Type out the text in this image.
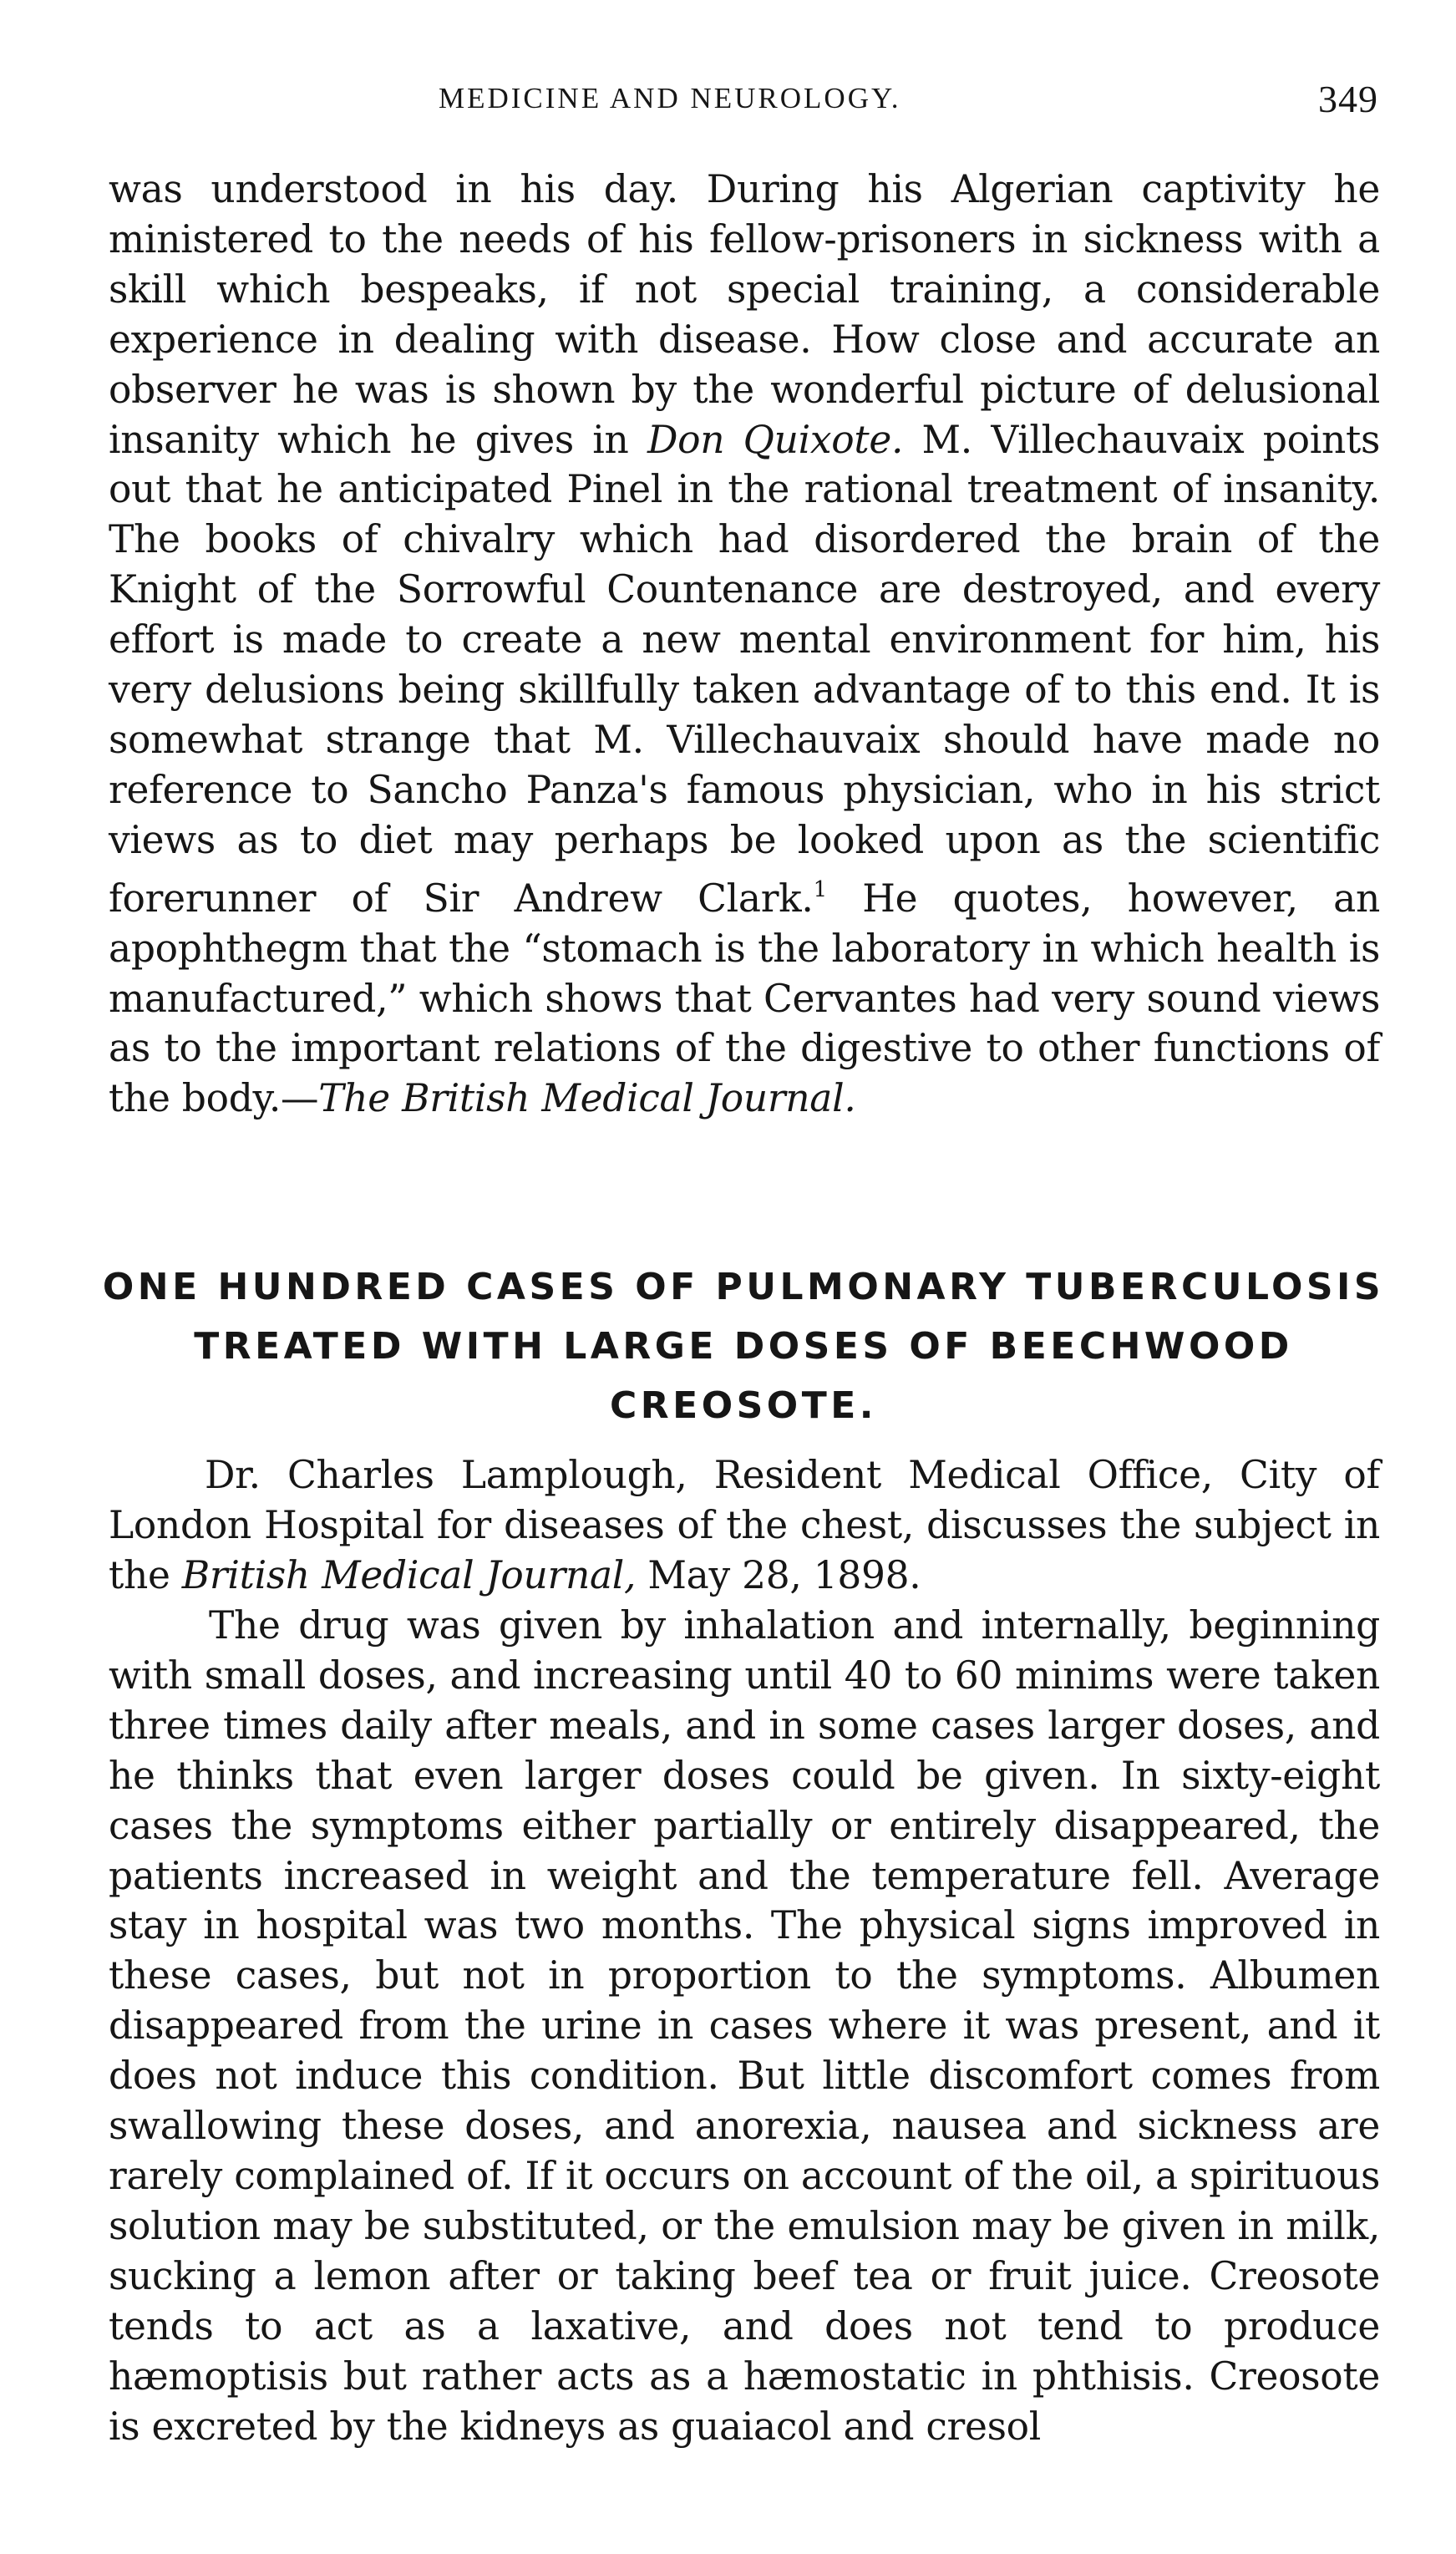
MEDICINE AND NEUROLOGY.	349

was understood in his day. During his Algerian captivity he ministered to the needs of his fellow-prisoners in sickness with a skill which bespeaks, if not special training, a considerable experience in dealing with disease. How close and accurate an observer he was is shown by the wonderful picture of delusional insanity which he gives in Don Quixote. M. Villechauvaix points out that he anticipated Pinel in the rational treatment of insanity. The books of chivalry which had disordered the brain of the Knight of the Sorrowful Countenance are destroyed, and every effort is made to create a new mental environment for him, his very delusions being skillfully taken advantage of to this end. It is somewhat strange that M. Villechauvaix should have made no reference to Sancho Panza's famous physician, who in his strict views as to diet may perhaps be looked upon as the scientific forerunner of Sir Andrew Clark.$^1$ He quotes, however, an apophthegm that the “stomach is the laboratory in which health is manufactured,” which shows that Cervantes had very sound views as to the important relations of the digestive to other functions of the body.—The British Medical Journal.

ONE HUNDRED CASES OF PULMONARY TUBERCULOSIS TREATED WITH LARGE DOSES OF BEECHWOOD CREOSOTE.

Dr. Charles Lamplough, Resident Medical Office, City of London Hospital for diseases of the chest, discusses the subject in the British Medical Journal, May 28, 1898.

The drug was given by inhalation and internally, beginning with small doses, and increasing until 40 to 60 minims were taken three times daily after meals, and in some cases larger doses, and he thinks that even larger doses could be given. In sixty-eight cases the symptoms either partially or entirely disappeared, the patients increased in weight and the temperature fell. Average stay in hospital was two months. The physical signs improved in these cases, but not in proportion to the symptoms. Albumen disappeared from the urine in cases where it was present, and it does not induce this condition. But little discomfort comes from swallowing these doses, and anorexia, nausea and sickness are rarely complained of. If it occurs on account of the oil, a spirituous solution may be substituted, or the emulsion may be given in milk, sucking a lemon after or taking beef tea or fruit juice. Creosote tends to act as a laxative, and does not tend to produce hæmoptisis but rather acts as a hæmostatic in phthisis. Creosote is excreted by the kidneys as guaiacol and cresol
